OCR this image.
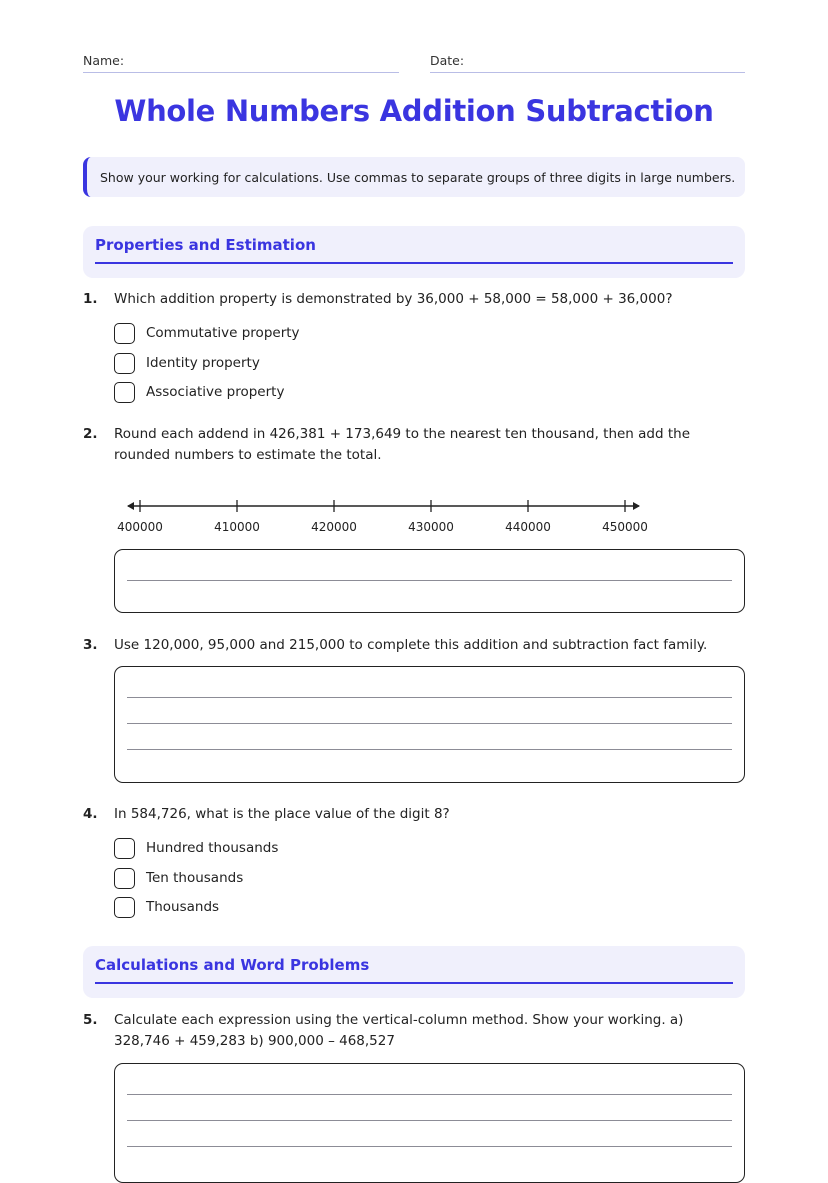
Name:	Date:
Whole Numbers Addition Subtraction
Show your working for calculations. Use commas to separate groups of three digits in large numbers.
Properties and Estimation
1. Which addition property is demonstrated by 36,000 + 58,000 = 58,000 + 36,000?
Commutative property
Identity property
Associative property
2. Round each addend in 426,381 + 173,649 to the nearest ten thousand, then add the rounded numbers to estimate the total.
400000	410000	420000	430000	440000	450000
3. Use 120,000, 95,000 and 215,000 to complete this addition and subtraction fact family.
4. In 584,726, what is the place value of the digit 8?
Hundred thousands
Ten thousands
Thousands
Calculations and Word Problems
5. Calculate each expression using the vertical-column method. Show your working. a) 328,746 + 459,283 b) 900,000 – 468,527
